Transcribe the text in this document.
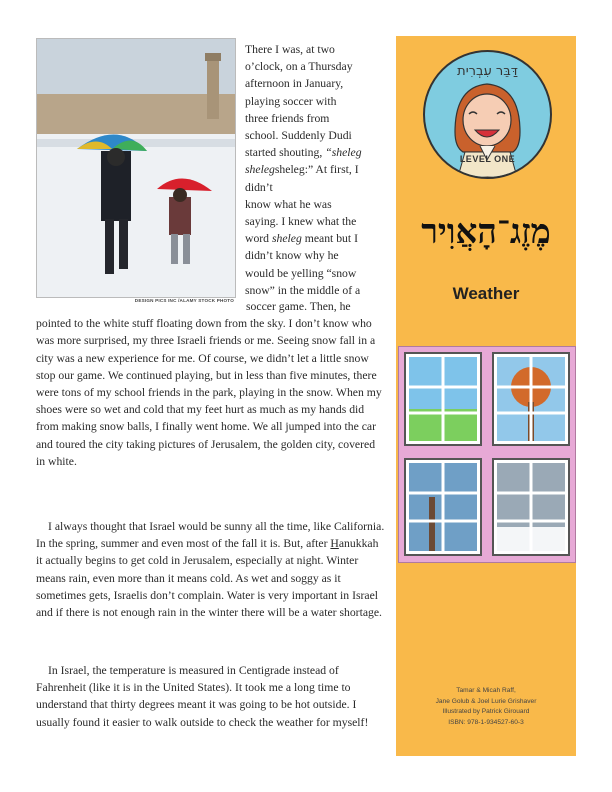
DESIGN PICS INC /ALAMY STOCK PHOTO
There I was, at two
o’clock, on a Thursday
afternoon in January,
playing soccer with
three friends from
school. Suddenly Dudi
started shouting, “sheleg
shelegsheleg:” At first, I didn’t
know what he was
saying. I knew what the
word sheleg meant but I
didn’t know why he
would be yelling “snow
snow” in the middle of a
soccer game. Then, he
pointed to the white stuff floating down from the sky. I don’t know who was more surprised, my three Israeli friends or me. Seeing snow fall in a city was a new experience for me. Of course, we didn’t let a little snow stop our game. We continued playing, but in less than five minutes, there were tons of my school friends in the park, playing in the snow. When my shoes were so wet and cold that my feet hurt as much as my hands did from making snow balls, I finally went home. We all jumped into the car and toured the city taking pictures of Jerusalem, the golden city, covered in white.

I always thought that Israel would be sunny all the time, like California. In the spring, summer and even most of the fall it is. But, after Hanukkah it actually begins to get cold in Jerusalem, especially at night. Winter means rain, even more than it means cold. As wet and soggy as it sometimes gets, Israelis don’t complain. Water is very important in Israel and if there is not enough rain in the winter there will be a water shortage.

In Israel, the temperature is measured in Centigrade instead of Fahrenheit (like it is in the United States). It took me a long time to understand that thirty degrees meant it was going to be hot outside. I usually found it easier to walk outside to check the weather for myself!

דַּבֵּר עִבְרִית
LEVEL ONE
מֶזֶג־הָאֲוִיר
Weather
Tamar & Micah Raff,
Jane Golub & Joel Lurie Grishaver
Illustrated by Patrick Girouard
ISBN: 978-1-934527-60-3
